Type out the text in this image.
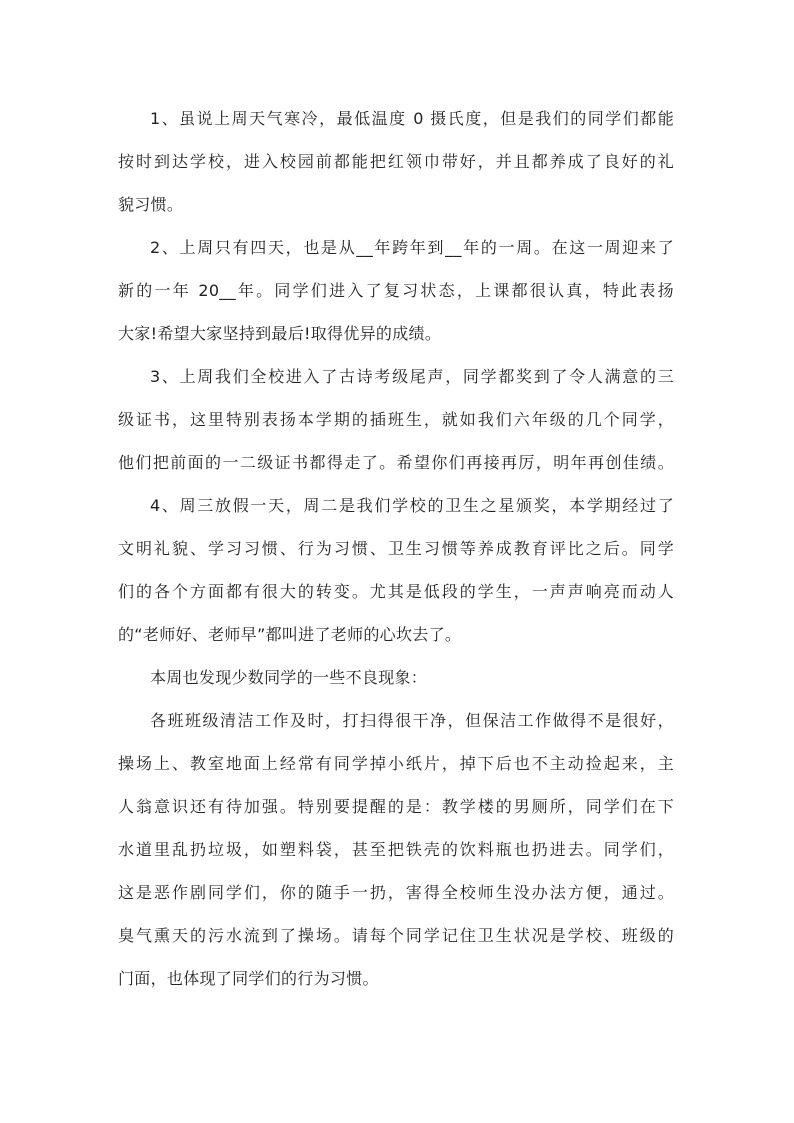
1、虽说上周天气寒冷，最低温度 0 摄氏度，但是我们的同学们都能
按时到达学校，进入校园前都能把红领巾带好，并且都养成了良好的礼
貌习惯。
2、上周只有四天，也是从__年跨年到__年的一周。在这一周迎来了
新的一年 20__年。同学们进入了复习状态，上课都很认真，特此表扬
大家!希望大家坚持到最后!取得优异的成绩。
3、上周我们全校进入了古诗考级尾声，同学都奖到了令人满意的三
级证书，这里特别表扬本学期的插班生，就如我们六年级的几个同学，
他们把前面的一二级证书都得走了。希望你们再接再厉，明年再创佳绩。
4、周三放假一天，周二是我们学校的卫生之星颁奖，本学期经过了
文明礼貌、学习习惯、行为习惯、卫生习惯等养成教育评比之后。同学
们的各个方面都有很大的转变。尤其是低段的学生，一声声响亮而动人
的“老师好、老师早”都叫进了老师的心坎去了。
本周也发现少数同学的一些不良现象：
各班班级清洁工作及时，打扫得很干净，但保洁工作做得不是很好，
操场上、教室地面上经常有同学掉小纸片，掉下后也不主动捡起来，主
人翁意识还有待加强。特别要提醒的是：教学楼的男厕所，同学们在下
水道里乱扔垃圾，如塑料袋，甚至把铁壳的饮料瓶也扔进去。同学们，
这是恶作剧同学们，你的随手一扔，害得全校师生没办法方便，通过。
臭气熏天的污水流到了操场。请每个同学记住卫生状况是学校、班级的
门面，也体现了同学们的行为习惯。
